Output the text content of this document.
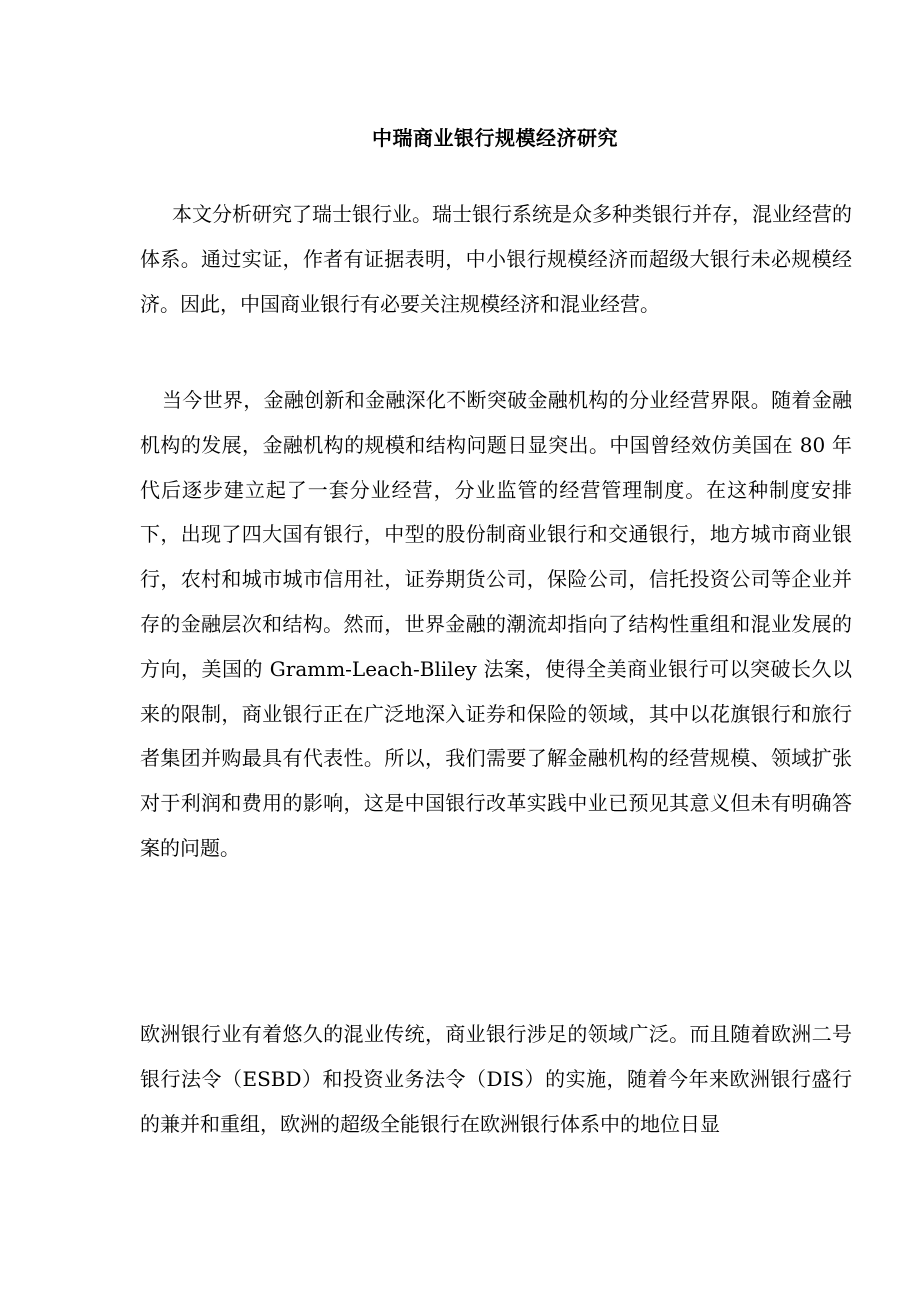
中瑞商业银行规模经济研究

本文分析研究了瑞士银行业。瑞士银行系统是众多种类银行并存，混业经营的体系。通过实证，作者有证据表明，中小银行规模经济而超级大银行未必规模经济。因此，中国商业银行有必要关注规模经济和混业经营。

当今世界，金融创新和金融深化不断突破金融机构的分业经营界限。随着金融机构的发展，金融机构的规模和结构问题日显突出。中国曾经效仿美国在 80 年代后逐步建立起了一套分业经营，分业监管的经营管理制度。在这种制度安排下，出现了四大国有银行，中型的股份制商业银行和交通银行，地方城市商业银行，农村和城市城市信用社，证券期货公司，保险公司，信托投资公司等企业并存的金融层次和结构。然而，世界金融的潮流却指向了结构性重组和混业发展的方向，美国的 Gramm-Leach-Bliley 法案，使得全美商业银行可以突破长久以来的限制，商业银行正在广泛地深入证券和保险的领域，其中以花旗银行和旅行者集团并购最具有代表性。所以，我们需要了解金融机构的经营规模、领域扩张对于利润和费用的影响，这是中国银行改革实践中业已预见其意义但未有明确答案的问题。

欧洲银行业有着悠久的混业传统，商业银行涉足的领域广泛。而且随着欧洲二号银行法令（ESBD）和投资业务法令（DIS）的实施，随着今年来欧洲银行盛行的兼并和重组，欧洲的超级全能银行在欧洲银行体系中的地位日显
